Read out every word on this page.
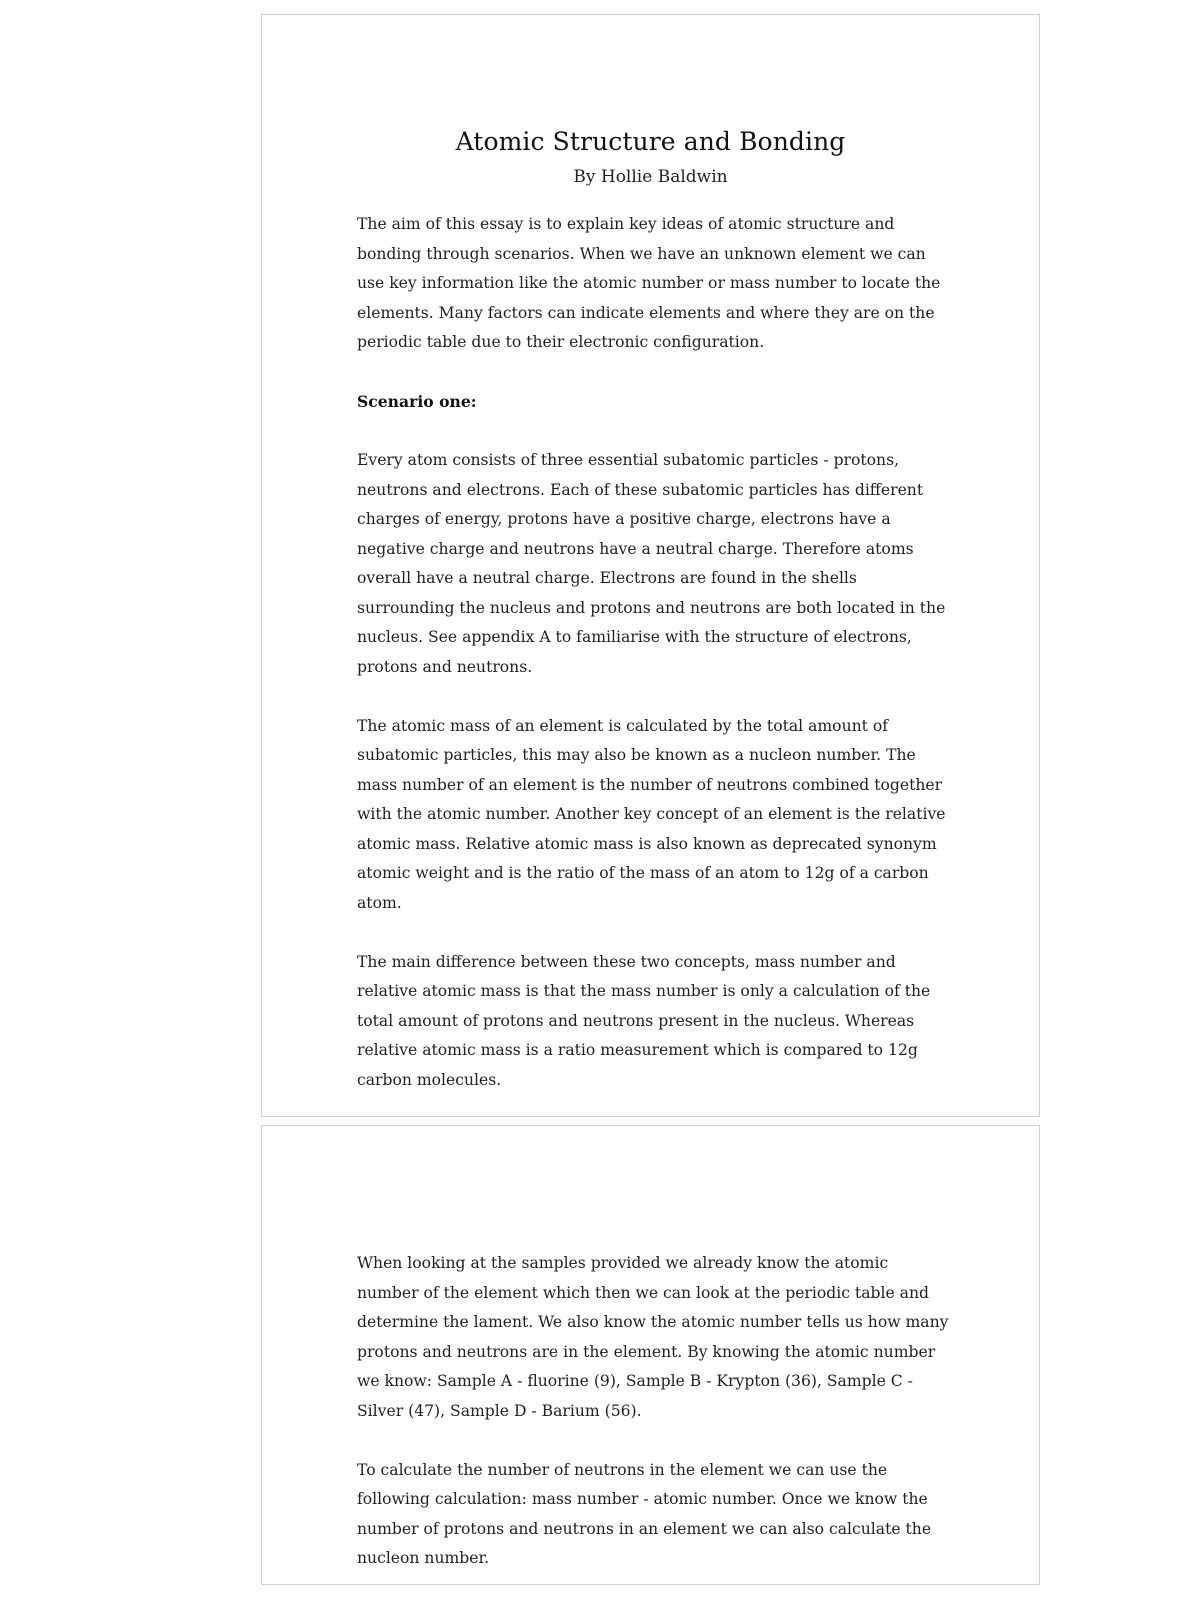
Atomic Structure and Bonding
By Hollie Baldwin

The aim of this essay is to explain key ideas of atomic structure and bonding through scenarios. When we have an unknown element we can use key information like the atomic number or mass number to locate the elements. Many factors can indicate elements and where they are on the periodic table due to their electronic configuration.

Scenario one:

Every atom consists of three essential subatomic particles - protons, neutrons and electrons. Each of these subatomic particles has different charges of energy, protons have a positive charge, electrons have a negative charge and neutrons have a neutral charge. Therefore atoms overall have a neutral charge. Electrons are found in the shells surrounding the nucleus and protons and neutrons are both located in the nucleus. See appendix A to familiarise with the structure of electrons, protons and neutrons.

The atomic mass of an element is calculated by the total amount of subatomic particles, this may also be known as a nucleon number. The mass number of an element is the number of neutrons combined together with the atomic number. Another key concept of an element is the relative atomic mass. Relative atomic mass is also known as deprecated synonym atomic weight and is the ratio of the mass of an atom to 12g of a carbon atom.

The main difference between these two concepts, mass number and relative atomic mass is that the mass number is only a calculation of the total amount of protons and neutrons present in the nucleus. Whereas relative atomic mass is a ratio measurement which is compared to 12g carbon molecules.

When looking at the samples provided we already know the atomic number of the element which then we can look at the periodic table and determine the lament. We also know the atomic number tells us how many protons and neutrons are in the element. By knowing the atomic number we know: Sample A - fluorine (9), Sample B - Krypton (36), Sample C - Silver (47), Sample D - Barium (56).

To calculate the number of neutrons in the element we can use the following calculation: mass number - atomic number. Once we know the number of protons and neutrons in an element we can also calculate the nucleon number.
